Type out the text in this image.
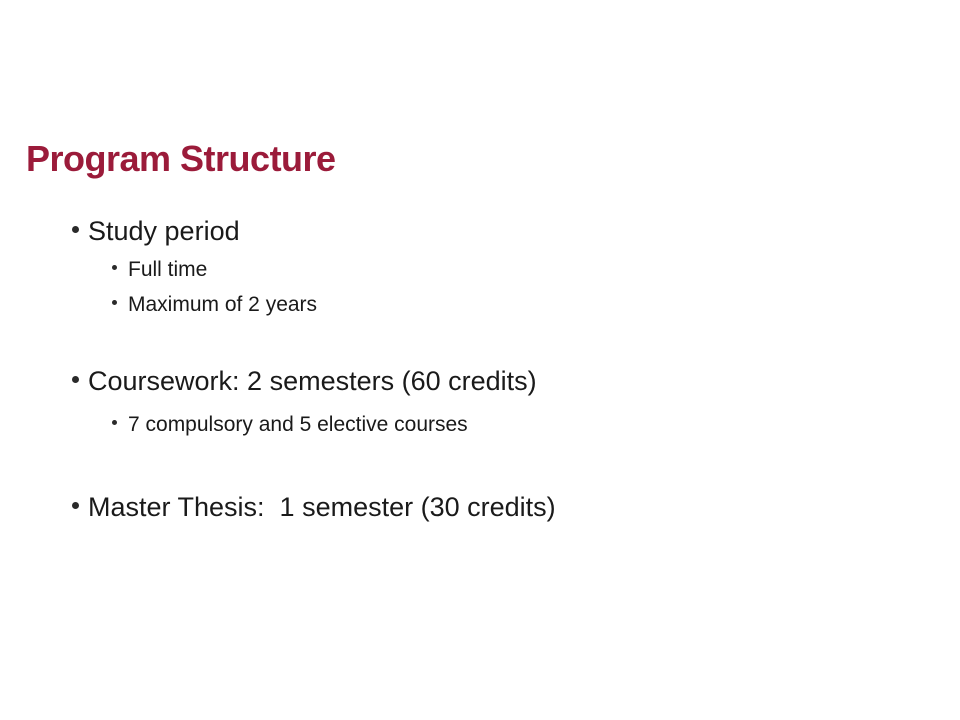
Program Structure
Study period
Full time
Maximum of 2 years
Coursework: 2 semesters (60 credits)
7 compulsory and 5 elective courses
Master Thesis:  1 semester (30 credits)
